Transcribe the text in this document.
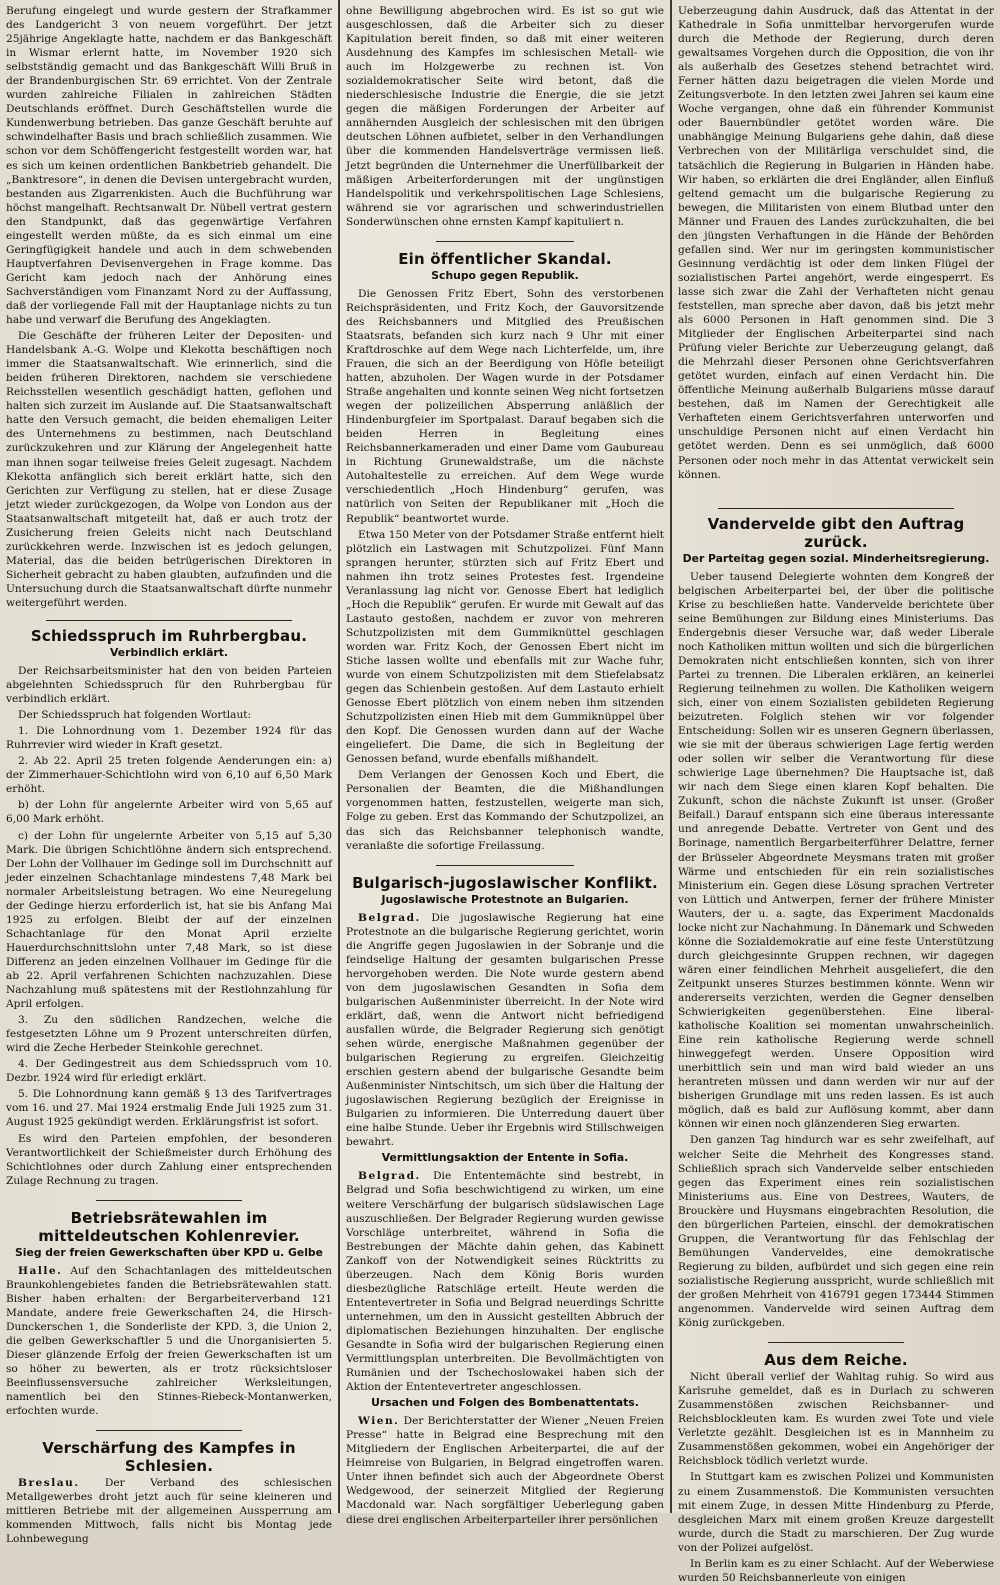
Berufung eingelegt und wurde gestern der Strafkammer des Landgericht 3 von neuem vorgeführt. Der jetzt 25jährige Angeklagte hatte, nachdem er das Bankgeschäft in Wismar erlernt hatte, im November 1920 sich selbstständig gemacht und das Bankgeschäft Willi Bruß in der Brandenburgischen Str. 69 errichtet. Von der Zentrale wurden zahlreiche Filialen in zahlreichen Städten Deutschlands eröffnet. Durch Geschäftstellen wurde die Kundenwerbung betrieben. Das ganze Geschäft beruhte auf schwindelhafter Basis und brach schließlich zusammen. Wie schon vor dem Schöffengericht festgestellt worden war, hat es sich um keinen ordentlichen Bankbetrieb gehandelt. Die „Banktresore“, in denen die Devisen untergebracht wurden, bestanden aus Zigarrenkisten. Auch die Buchführung war höchst mangelhaft. Rechtsanwalt Dr. Nübell vertrat gestern den Standpunkt, daß das gegenwärtige Verfahren eingestellt werden müßte, da es sich einmal um eine Geringfügigkeit handele und auch in dem schwebenden Hauptverfahren Devisenvergehen in Frage komme. Das Gericht kam jedoch nach der Anhörung eines Sachverständigen vom Finanzamt Nord zu der Auffassung, daß der vorliegende Fall mit der Hauptanlage nichts zu tun habe und verwarf die Berufung des Angeklagten.

Die Geschäfte der früheren Leiter der Depositen- und Handelsbank A.-G. Wolpe und Klekotta beschäftigen noch immer die Staatsanwaltschaft. Wie erinnerlich, sind die beiden früheren Direktoren, nachdem sie verschiedene Reichsstellen wesentlich geschädigt hatten, geflohen und halten sich zurzeit im Auslande auf. Die Staatsanwaltschaft hatte den Versuch gemacht, die beiden ehemaligen Leiter des Unternehmens zu bestimmen, nach Deutschland zurückzukehren und zur Klärung der Angelegenheit hatte man ihnen sogar teilweise freies Geleit zugesagt. Nachdem Klekotta anfänglich sich bereit erklärt hatte, sich den Gerichten zur Verfügung zu stellen, hat er diese Zusage jetzt wieder zurückgezogen, da Wolpe von London aus der Staatsanwaltschaft mitgeteilt hat, daß er auch trotz der Zusicherung freien Geleits nicht nach Deutschland zurückkehren werde. Inzwischen ist es jedoch gelungen, Material, das die beiden betrügerischen Direktoren in Sicherheit gebracht zu haben glaubten, aufzufinden und die Untersuchung durch die Staatsanwaltschaft dürfte nunmehr weitergeführt werden.

Schiedsspruch im Ruhrbergbau.
Verbindlich erklärt.

Der Reichsarbeitsminister hat den von beiden Parteien abgelehnten Schiedsspruch für den Ruhrbergbau für verbindlich erklärt.

Der Schiedsspruch hat folgenden Wortlaut:

1. Die Lohnordnung vom 1. Dezember 1924 für das Ruhrrevier wird wieder in Kraft gesetzt.

2. Ab 22. April 25 treten folgende Aenderungen ein: a) der Zimmerhauer-Schichtlohn wird von 6,10 auf 6,50 Mark erhöht.

b) der Lohn für angelernte Arbeiter wird von 5,65 auf 6,00 Mark erhöht.

c) der Lohn für ungelernte Arbeiter von 5,15 auf 5,30 Mark. Die übrigen Schichtlöhne ändern sich entsprechend. Der Lohn der Vollhauer im Gedinge soll im Durchschnitt auf jeder einzelnen Schachtanlage mindestens 7,48 Mark bei normaler Arbeitsleistung betragen. Wo eine Neuregelung der Gedinge hierzu erforderlich ist, hat sie bis Anfang Mai 1925 zu erfolgen. Bleibt der auf der einzelnen Schachtanlage für den Monat April erzielte Hauerdurchschnittslohn unter 7,48 Mark, so ist diese Differenz an jeden einzelnen Vollhauer im Gedinge für die ab 22. April verfahrenen Schichten nachzuzahlen. Diese Nachzahlung muß spätestens mit der Restlohnzahlung für April erfolgen.

3. Zu den südlichen Randzechen, welche die festgesetzten Löhne um 9 Prozent unterschreiten dürfen, wird die Zeche Herbeder Steinkohle gerechnet.

4. Der Gedingestreit aus dem Schiedsspruch vom 10. Dezbr. 1924 wird für erledigt erklärt.

5. Die Lohnordnung kann gemäß § 13 des Tarifvertrages vom 16. und 27. Mai 1924 erstmalig Ende Juli 1925 zum 31. August 1925 gekündigt werden. Erklärungsfrist ist sofort.

Es wird den Parteien empfohlen, der besonderen Verantwortlichkeit der Schießmeister durch Erhöhung des Schichtlohnes oder durch Zahlung einer entsprechenden Zulage Rechnung zu tragen.

Betriebsrätewahlen im mitteldeutschen Kohlenrevier.
Sieg der freien Gewerkschaften über KPD u. Gelbe

Halle. Auf den Schachtanlagen des mitteldeutschen Braunkohlengebietes fanden die Betriebsrätewahlen statt. Bisher haben erhalten: der Bergarbeiterverband 121 Mandate, andere freie Gewerkschaften 24, die Hirsch-Dunckerschen 1, die Sonderliste der KPD. 3, die Union 2, die gelben Gewerkschaftler 5 und die Unorganisierten 5. Dieser glänzende Erfolg der freien Gewerkschaften ist um so höher zu bewerten, als er trotz rücksichtsloser Beeinflussensversuche zahlreicher Werksleitungen, namentlich bei den Stinnes-Riebeck-Montanwerken, erfochten wurde.

Verschärfung des Kampfes in Schlesien.

Breslau. Der Verband des schlesischen Metallgewerbes droht jetzt auch für seine kleineren und mittleren Betriebe mit der allgemeinen Aussperrung am kommenden Mittwoch, falls nicht bis Montag jede Lohnbewegung

ohne Bewilligung abgebrochen wird. Es ist so gut wie ausgeschlossen, daß die Arbeiter sich zu dieser Kapitulation bereit finden, so daß mit einer weiteren Ausdehnung des Kampfes im schlesischen Metall- wie auch im Holzgewerbe zu rechnen ist. Von sozialdemokratischer Seite wird betont, daß die niederschlesische Industrie die Energie, die sie jetzt gegen die mäßigen Forderungen der Arbeiter auf annähernden Ausgleich der schlesischen mit den übrigen deutschen Löhnen aufbietet, selber in den Verhandlungen über die kommenden Handelsverträge vermissen ließ. Jetzt begründen die Unternehmer die Unerfüllbarkeit der mäßigen Arbeiterforderungen mit der ungünstigen Handelspolitik und verkehrspolitischen Lage Schlesiens, während sie vor agrarischen und schwerindustriellen Sonderwünschen ohne ernsten Kampf kapituliert n.

Ein öffentlicher Skandal.
Schupo gegen Republik.

Die Genossen Fritz Ebert, Sohn des verstorbenen Reichspräsidenten, und Fritz Koch, der Gauvorsitzende des Reichsbanners und Mitglied des Preußischen Staatsrats, befanden sich kurz nach 9 Uhr mit einer Kraftdroschke auf dem Wege nach Lichterfelde, um, ihre Frauen, die sich an der Beerdigung von Höfle beteiligt hatten, abzuholen. Der Wagen wurde in der Potsdamer Straße angehalten und konnte seinen Weg nicht fortsetzen wegen der polizeilichen Absperrung anläßlich der Hindenburgfeier im Sportpalast. Darauf begaben sich die beiden Herren in Begleitung eines Reichsbannerkameraden und einer Dame vom Gaubureau in Richtung Grunewaldstraße, um die nächste Autohaltestelle zu erreichen. Auf dem Wege wurde verschiedentlich „Hoch Hindenburg“ gerufen, was natürlich von Seiten der Republikaner mit „Hoch die Republik“ beantwortet wurde.

Etwa 150 Meter von der Potsdamer Straße entfernt hielt plötzlich ein Lastwagen mit Schutzpolizei. Fünf Mann sprangen herunter, stürzten sich auf Fritz Ebert und nahmen ihn trotz seines Protestes fest. Irgendeine Veranlassung lag nicht vor. Genosse Ebert hat lediglich „Hoch die Republik“ gerufen. Er wurde mit Gewalt auf das Lastauto gestoßen, nachdem er zuvor von mehreren Schutzpolizisten mit dem Gummiknüttel geschlagen worden war. Fritz Koch, der Genossen Ebert nicht im Stiche lassen wollte und ebenfalls mit zur Wache fuhr, wurde von einem Schutzpolizisten mit dem Stiefelabsatz gegen das Schienbein gestoßen. Auf dem Lastauto erhielt Genosse Ebert plötzlich von einem neben ihm sitzenden Schutzpolizisten einen Hieb mit dem Gummiknüppel über den Kopf. Die Genossen wurden dann auf der Wache eingeliefert. Die Dame, die sich in Begleitung der Genossen befand, wurde ebenfalls mißhandelt.

Dem Verlangen der Genossen Koch und Ebert, die Personalien der Beamten, die die Mißhandlungen vorgenommen hatten, festzustellen, weigerte man sich, Folge zu geben. Erst das Kommando der Schutzpolizei, an das sich das Reichsbanner telephonisch wandte, veranlaßte die sofortige Freilassung.

Bulgarisch-jugoslawischer Konflikt.
Jugoslawische Protestnote an Bulgarien.

Belgrad. Die jugoslawische Regierung hat eine Protestnote an die bulgarische Regierung gerichtet, worin die Angriffe gegen Jugoslawien in der Sobranje und die feindselige Haltung der gesamten bulgarischen Presse hervorgehoben werden. Die Note wurde gestern abend von dem jugoslawischen Gesandten in Sofia dem bulgarischen Außenminister überreicht. In der Note wird erklärt, daß, wenn die Antwort nicht befriedigend ausfallen würde, die Belgrader Regierung sich genötigt sehen würde, energische Maßnahmen gegenüber der bulgarischen Regierung zu ergreifen. Gleichzeitig erschien gestern abend der bulgarische Gesandte beim Außenminister Nintschitsch, um sich über die Haltung der jugoslawischen Regierung bezüglich der Ereignisse in Bulgarien zu informieren. Die Unterredung dauert über eine halbe Stunde. Ueber ihr Ergebnis wird Stillschweigen bewahrt.

Vermittlungsaktion der Entente in Sofia.

Belgrad. Die Ententemächte sind bestrebt, in Belgrad und Sofia beschwichtigend zu wirken, um eine weitere Verschärfung der bulgarisch südslawischen Lage auszuschließen. Der Belgrader Regierung wurden gewisse Vorschläge unterbreitet, während in Sofia die Bestrebungen der Mächte dahin gehen, das Kabinett Zankoff von der Notwendigkeit seines Rücktritts zu überzeugen. Nach dem König Boris wurden diesbezügliche Ratschläge erteilt. Heute werden die Ententevertreter in Sofia und Belgrad neuerdings Schritte unternehmen, um den in Aussicht gestellten Abbruch der diplomatischen Beziehungen hinzuhalten. Der englische Gesandte in Sofia wird der bulgarischen Regierung einen Vermittlungsplan unterbreiten. Die Bevollmächtigten von Rumänien und der Tschechoslowakei haben sich der Aktion der Ententevertreter angeschlossen.

Ursachen und Folgen des Bombenattentats.

Wien. Der Berichterstatter der Wiener „Neuen Freien Presse“ hatte in Belgrad eine Besprechung mit den Mitgliedern der Englischen Arbeiterpartei, die auf der Heimreise von Bulgarien, in Belgrad eingetroffen waren. Unter ihnen befindet sich auch der Abgeordnete Oberst Wedgewood, der seinerzeit Mitglied der Regierung Macdonald war. Nach sorgfältiger Ueberlegung gaben diese drei englischen Arbeiterparteiler ihrer persönlichen

Ueberzeugung dahin Ausdruck, daß das Attentat in der Kathedrale in Sofia unmittelbar hervorgerufen wurde durch die Methode der Regierung, durch deren gewaltsames Vorgehen durch die Opposition, die von ihr als außerhalb des Gesetzes stehend betrachtet wird. Ferner hätten dazu beigetragen die vielen Morde und Zeitungsverbote. In den letzten zwei Jahren sei kaum eine Woche vergangen, ohne daß ein führender Kommunist oder Bauernbündler getötet worden wäre. Die unabhängige Meinung Bulgariens gehe dahin, daß diese Verbrechen von der Militärliga verschuldet sind, die tatsächlich die Regierung in Bulgarien in Händen habe. Wir haben, so erklärten die drei Engländer, allen Einfluß geltend gemacht um die bulgarische Regierung zu bewegen, die Militaristen von einem Blutbad unter den Männer und Frauen des Landes zurückzuhalten, die bei den jüngsten Verhaftungen in die Hände der Behörden gefallen sind. Wer nur im geringsten kommunistischer Gesinnung verdächtig ist oder dem linken Flügel der sozialistischen Partei angehört, werde eingesperrt. Es lasse sich zwar die Zahl der Verhafteten nicht genau feststellen, man spreche aber davon, daß bis jetzt mehr als 6000 Personen in Haft genommen sind. Die 3 Mitglieder der Englischen Arbeiterpartei sind nach Prüfung vieler Berichte zur Ueberzeugung gelangt, daß die Mehrzahl dieser Personen ohne Gerichtsverfahren getötet wurden, einfach auf einen Verdacht hin. Die öffentliche Meinung außerhalb Bulgariens müsse darauf bestehen, daß im Namen der Gerechtigkeit alle Verhafteten einem Gerichtsverfahren unterworfen und unschuldige Personen nicht auf einen Verdacht hin getötet werden. Denn es sei unmöglich, daß 6000 Personen oder noch mehr in das Attentat verwickelt sein können.

Vandervelde gibt den Auftrag zurück.
Der Parteitag gegen sozial. Minderheitsregierung.

Ueber tausend Delegierte wohnten dem Kongreß der belgischen Arbeiterpartei bei, der über die politische Krise zu beschließen hatte. Vandervelde berichtete über seine Bemühungen zur Bildung eines Ministeriums. Das Endergebnis dieser Versuche war, daß weder Liberale noch Katholiken mittun wollten und sich die bürgerlichen Demokraten nicht entschließen konnten, sich von ihrer Partei zu trennen. Die Liberalen erklären, an keinerlei Regierung teilnehmen zu wollen. Die Katholiken weigern sich, einer von einem Sozialisten gebildeten Regierung beizutreten. Folglich stehen wir vor folgender Entscheidung: Sollen wir es unseren Gegnern überlassen, wie sie mit der überaus schwierigen Lage fertig werden oder sollen wir selber die Verantwortung für diese schwierige Lage übernehmen? Die Hauptsache ist, daß wir nach dem Siege einen klaren Kopf behalten. Die Zukunft, schon die nächste Zukunft ist unser. (Großer Beifall.) Darauf entspann sich eine überaus interessante und anregende Debatte. Vertreter von Gent und des Borinage, namentlich Bergarbeiterführer Delattre, ferner der Brüsseler Abgeordnete Meysmans traten mit großer Wärme und entschieden für ein rein sozialistisches Ministerium ein. Gegen diese Lösung sprachen Vertreter von Lüttich und Antwerpen, ferner der frühere Minister Wauters, der u. a. sagte, das Experiment Macdonalds locke nicht zur Nachahmung. In Dänemark und Schweden könne die Sozialdemokratie auf eine feste Unterstützung durch gleichgesinnte Gruppen rechnen, wir dagegen wären einer feindlichen Mehrheit ausgeliefert, die den Zeitpunkt unseres Sturzes bestimmen könnte. Wenn wir andererseits verzichten, werden die Gegner denselben Schwierigkeiten gegenüberstehen. Eine liberal-katholische Koalition sei momentan unwahrscheinlich. Eine rein katholische Regierung werde schnell hinweggefegt werden. Unsere Opposition wird unerbittlich sein und man wird bald wieder an uns herantreten müssen und dann werden wir nur auf der bisherigen Grundlage mit uns reden lassen. Es ist auch möglich, daß es bald zur Auflösung kommt, aber dann können wir einen noch glänzenderen Sieg erwarten.

Den ganzen Tag hindurch war es sehr zweifelhaft, auf welcher Seite die Mehrheit des Kongresses stand. Schließlich sprach sich Vandervelde selber entschieden gegen das Experiment eines rein sozialistischen Ministeriums aus. Eine von Destrees, Wauters, de Brouckère und Huysmans eingebrachten Resolution, die den bürgerlichen Parteien, einschl. der demokratischen Gruppen, die Verantwortung für das Fehlschlag der Bemühungen Vanderveldes, eine demokratische Regierung zu bilden, aufbürdet und sich gegen eine rein sozialistische Regierung ausspricht, wurde schließlich mit der großen Mehrheit von 416791 gegen 173444 Stimmen angenommen. Vandervelde wird seinen Auftrag dem König zurückgeben.

Aus dem Reiche.

Nicht überall verlief der Wahltag ruhig. So wird aus Karlsruhe gemeldet, daß es in Durlach zu schweren Zusammenstößen zwischen Reichsbanner- und Reichsblockleuten kam. Es wurden zwei Tote und viele Verletzte gezählt. Desgleichen ist es in Mannheim zu Zusammenstößen gekommen, wobei ein Angehöriger der Reichsblock tödlich verletzt wurde.

In Stuttgart kam es zwischen Polizei und Kommunisten zu einem Zusammenstoß. Die Kommunisten versuchten mit einem Zuge, in dessen Mitte Hindenburg zu Pferde, desgleichen Marx mit einem großen Kreuze dargestellt wurde, durch die Stadt zu marschieren. Der Zug wurde von der Polizei aufgelöst.

In Berlin kam es zu einer Schlacht. Auf der Weberwiese wurden 50 Reichsbannerleute von einigen
